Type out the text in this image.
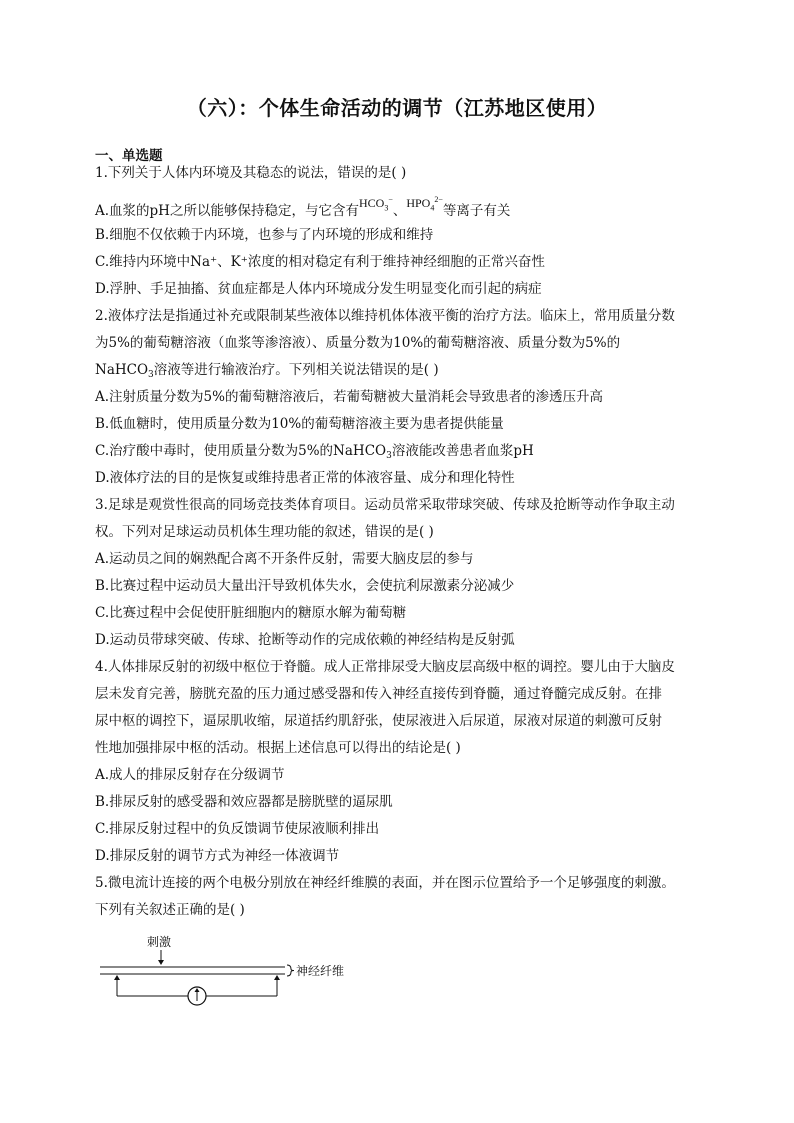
（六）：个体生命活动的调节（江苏地区使用）
一、单选题
1.下列关于人体内环境及其稳态的说法，错误的是( )
A.血浆的pH之所以能够保持稳定，与它含有$HCO_3^-$、$HPO_4^{2-}$等离子有关
B.细胞不仅依赖于内环境，也参与了内环境的形成和维持
C.维持内环境中Na⁺、K⁺浓度的相对稳定有利于维持神经细胞的正常兴奋性
D.浮肿、手足抽搐、贫血症都是人体内环境成分发生明显变化而引起的病症
2.液体疗法是指通过补充或限制某些液体以维持机体体液平衡的治疗方法。临床上，常用质量分数
为5%的葡萄糖溶液（血浆等渗溶液）、质量分数为10%的葡萄糖溶液、质量分数为5%的
NaHCO$_3$溶液等进行输液治疗。下列相关说法错误的是( )
A.注射质量分数为5%的葡萄糖溶液后，若葡萄糖被大量消耗会导致患者的渗透压升高
B.低血糖时，使用质量分数为10%的葡萄糖溶液主要为患者提供能量
C.治疗酸中毒时，使用质量分数为5%的NaHCO$_3$溶液能改善患者血浆pH
D.液体疗法的目的是恢复或维持患者正常的体液容量、成分和理化特性
3.足球是观赏性很高的同场竞技类体育项目。运动员常采取带球突破、传球及抢断等动作争取主动
权。下列对足球运动员机体生理功能的叙述，错误的是( )
A.运动员之间的娴熟配合离不开条件反射，需要大脑皮层的参与
B.比赛过程中运动员大量出汗导致机体失水，会使抗利尿激素分泌减少
C.比赛过程中会促使肝脏细胞内的糖原水解为葡萄糖
D.运动员带球突破、传球、抢断等动作的完成依赖的神经结构是反射弧
4.人体排尿反射的初级中枢位于脊髓。成人正常排尿受大脑皮层高级中枢的调控。婴儿由于大脑皮
层未发育完善，膀胱充盈的压力通过感受器和传入神经直接传到脊髓，通过脊髓完成反射。在排
尿中枢的调控下，逼尿肌收缩，尿道括约肌舒张，使尿液进入后尿道，尿液对尿道的刺激可反射
性地加强排尿中枢的活动。根据上述信息可以得出的结论是( )
A.成人的排尿反射存在分级调节
B.排尿反射的感受器和效应器都是膀胱壁的逼尿肌
C.排尿反射过程中的负反馈调节使尿液顺利排出
D.排尿反射的调节方式为神经一体液调节
5.微电流计连接的两个电极分别放在神经纤维膜的表面，并在图示位置给予一个足够强度的刺激。
下列有关叙述正确的是( )
刺激
神经纤维
